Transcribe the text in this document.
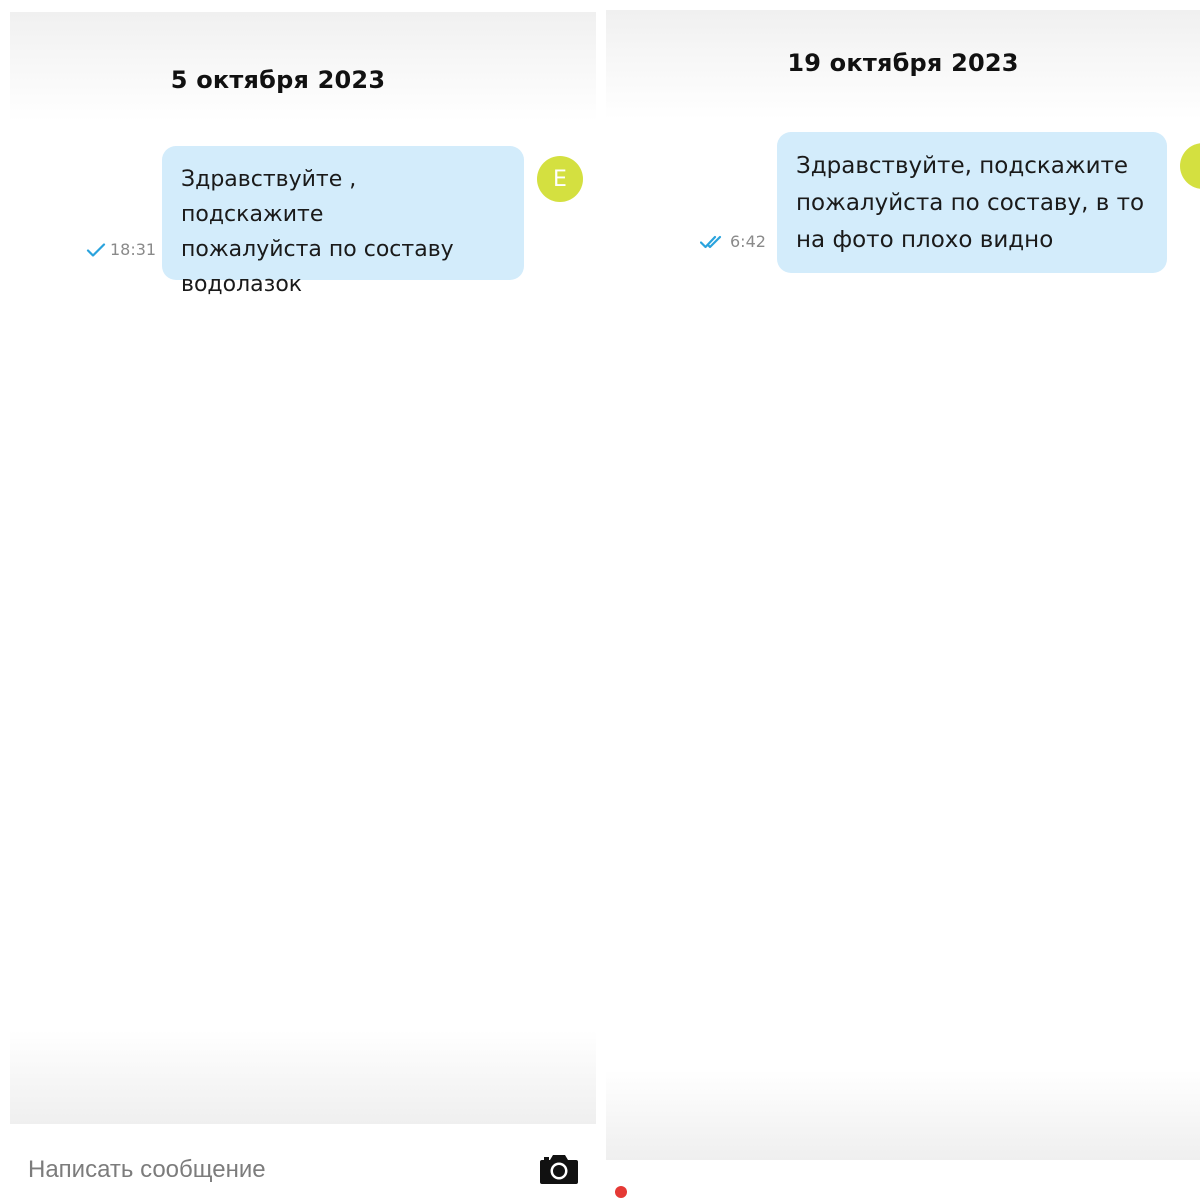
5 октября 2023
18:31
Здравствуйте , подскажите
пожалуйста по составу
водолазок
E
Написать сообщение
19 октября 2023
6:42
Здравствуйте, подскажите
пожалуйста по составу, в то
на фото плохо видно
